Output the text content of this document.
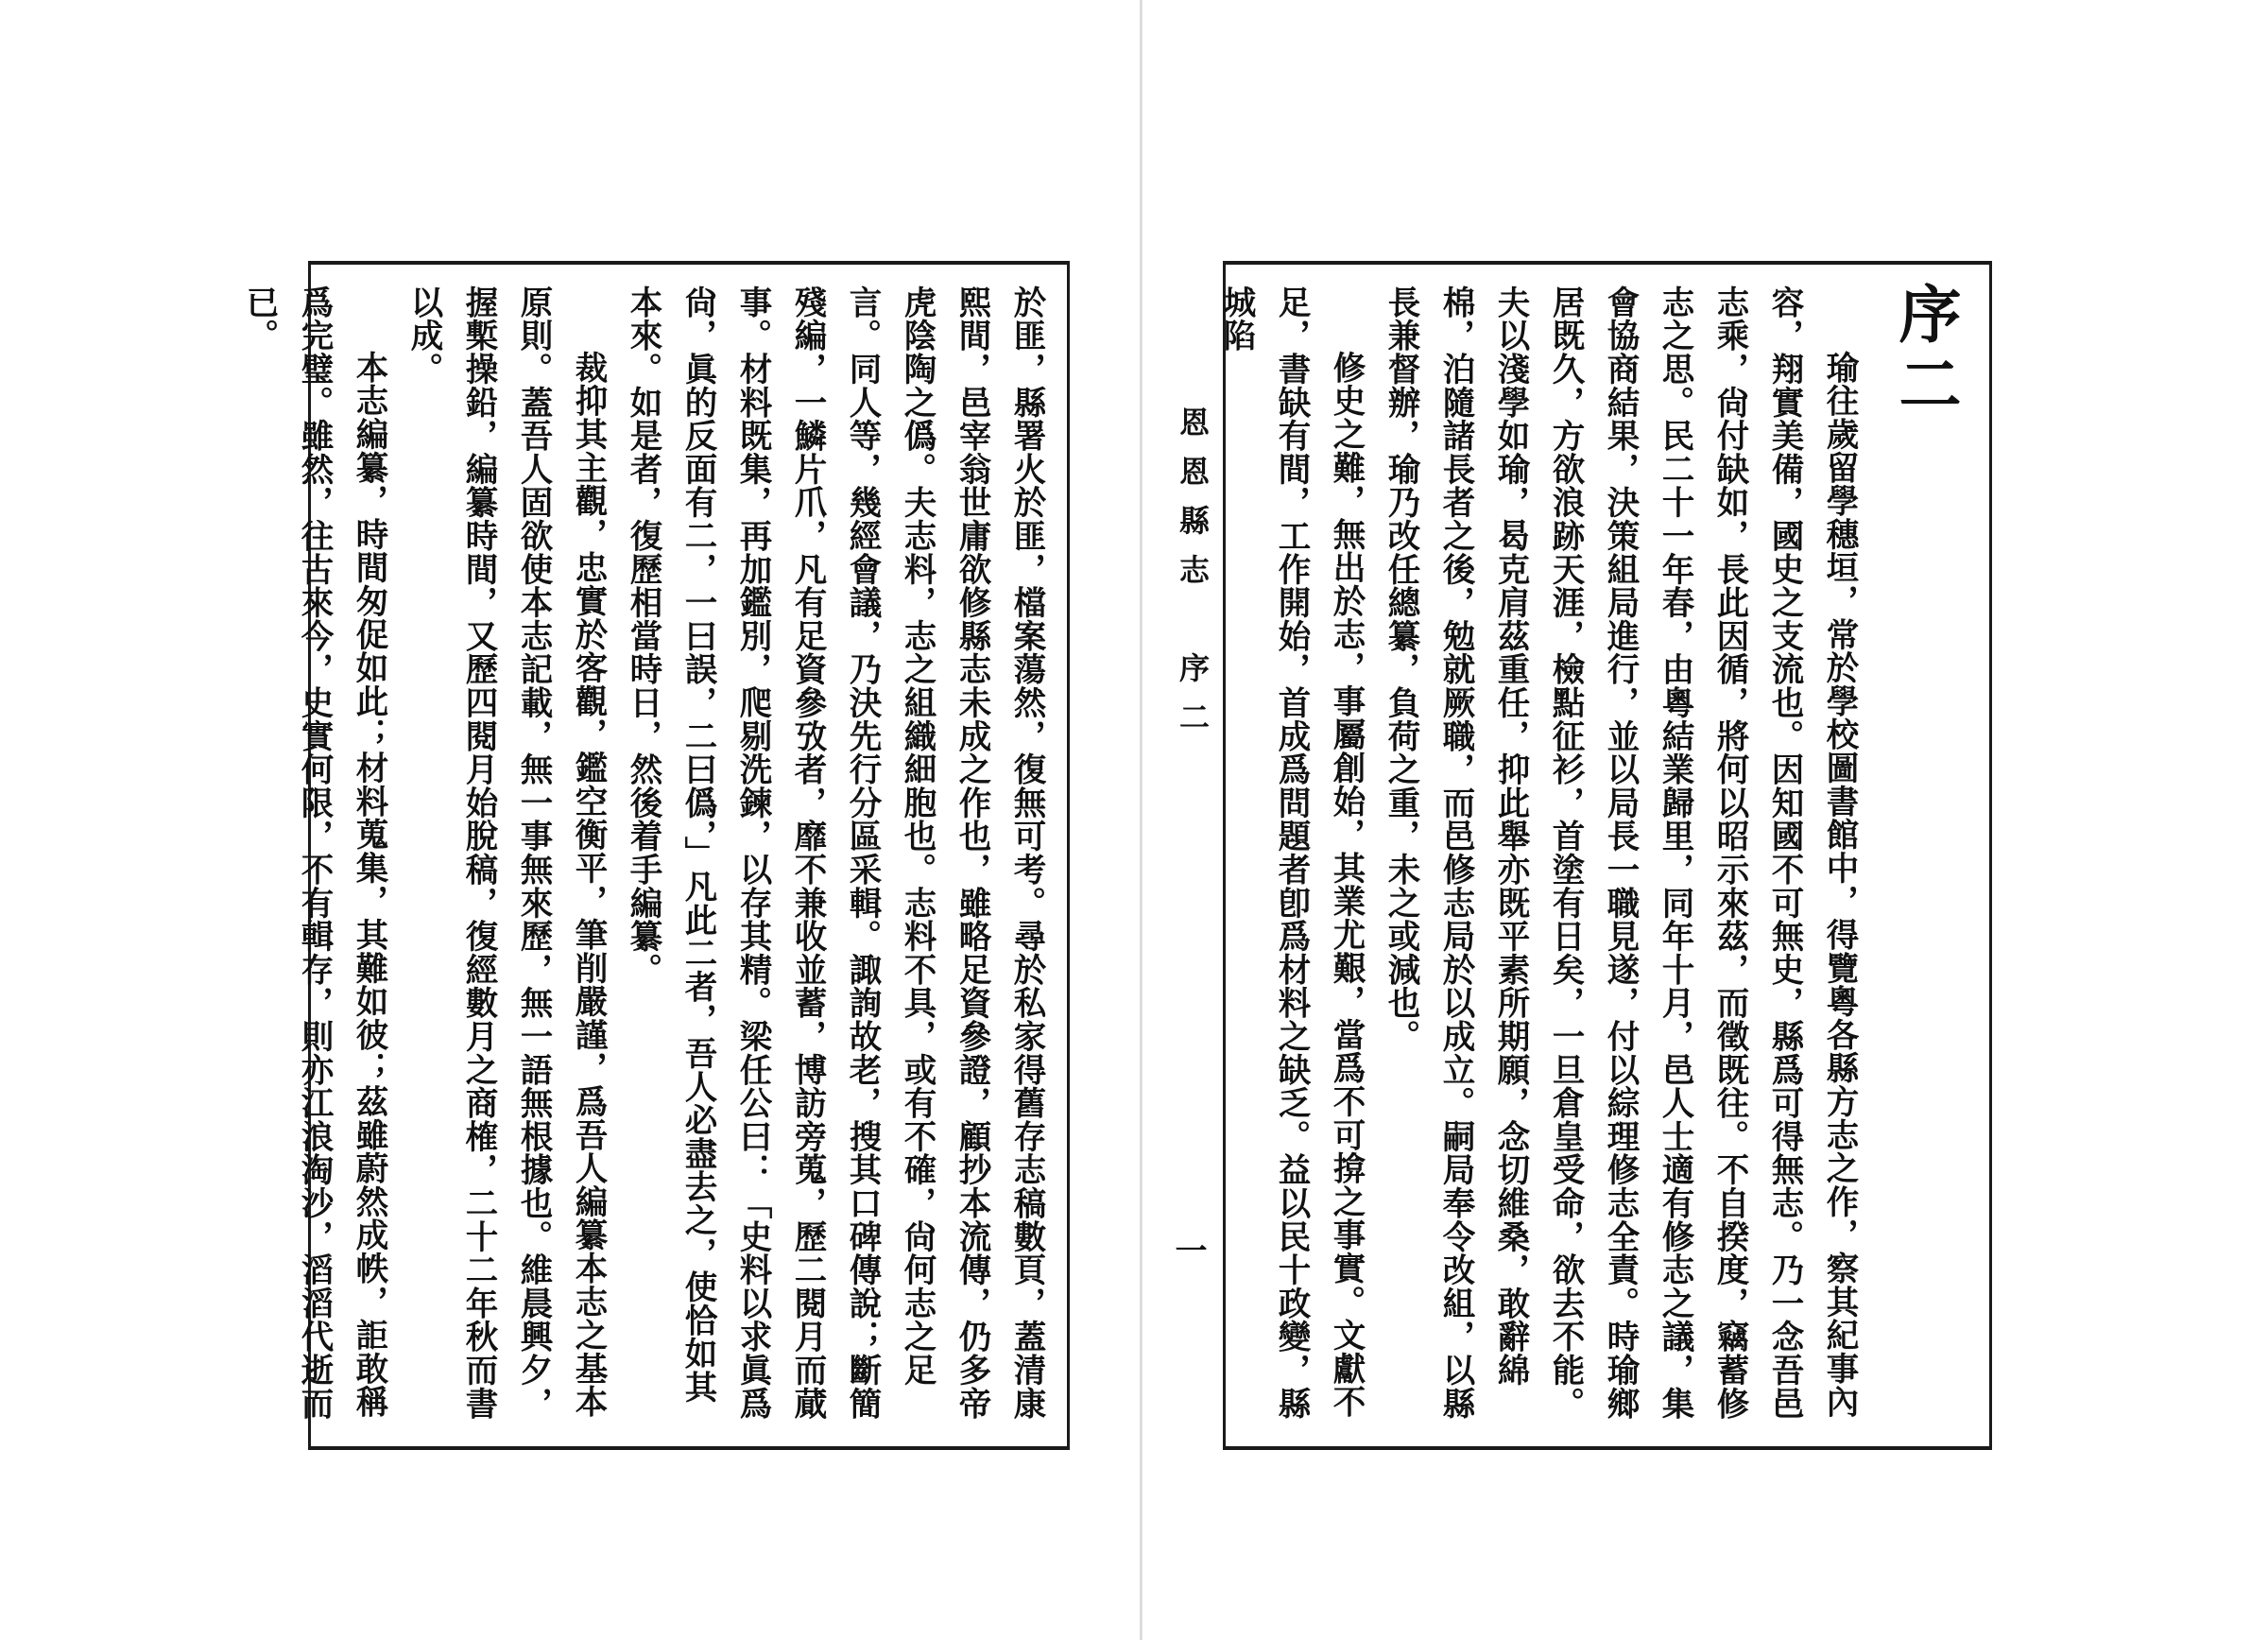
於匪，縣署火於匪，檔案蕩然，復無可考。尋於私家得舊存志稿數頁，蓋清康熙間，邑宰翁世庸欲修縣志未成之作也，雖略足資參證，顧抄本流傳，仍多帝虎陰陶之僞。夫志料，志之組織細胞也。志料不具，或有不確，尙何志之足言。同人等，幾經會議，乃決先行分區采輯。諏詢故老，搜其口碑傳說；斷簡殘編，一鱗片爪，凡有足資參攷者，靡不兼收並蓄，博訪旁蒐，歷二閱月而蕆事。材料既集，再加鑑別，爬剔洗鍊，以存其精。梁任公曰：「史料以求眞爲尙，眞的反面有二，一曰誤，二曰僞，」凡此二者，吾人必盡去之，使恰如其本來。如是者，復歷相當時日，然後着手編纂。

裁抑其主觀，忠實於客觀，鑑空衡平，筆削嚴謹，爲吾人編纂本志之基本原則。蓋吾人固欲使本志記載，無一事無來歷，無一語無根據也。維晨興夕，握槧操鉛，編纂時間，又歷四閱月始脫稿，復經數月之商榷，二十二年秋而書以成。

本志編纂，時間匆促如此；材料蒐集，其難如彼；茲雖蔚然成帙，詎敢稱爲完璧。雖然，往古來今，史實何限，不有輯存，則亦江浪淘沙，滔滔代逝而已。

恩恩縣志　序二
一
序二

瑜往歲留學穗垣，常於學校圖書館中，得覽粵各縣方志之作，察其紀事內容，翔實美備，國史之支流也。因知國不可無史，縣爲可得無志。乃一念吾邑志乘，尙付缺如，長此因循，將何以昭示來茲，而徵既往。不自揆度，竊蓄修志之思。民二十一年春，由粵結業歸里，同年十月，邑人士適有修志之議，集會協商結果，決策組局進行，並以局長一職見遂，付以綜理修志全責。時瑜鄉居既久，方欲浪跡天涯，檢點征衫，首塗有日矣，一旦倉皇受命，欲去不能。夫以淺學如瑜，曷克肩茲重任，抑此舉亦既平素所期願，念切維桑，敢辭綿棉，泊隨諸長者之後，勉就厥職，而邑修志局於以成立。嗣局奉令改組，以縣長兼督辦，瑜乃改任總纂，負荷之重，未之或減也。

修史之難，無出於志，事屬創始，其業尤艱，當爲不可揜之事實。文獻不足，書缺有間，工作開始，首成爲問題者卽爲材料之缺乏。益以民十政變，縣城陷
